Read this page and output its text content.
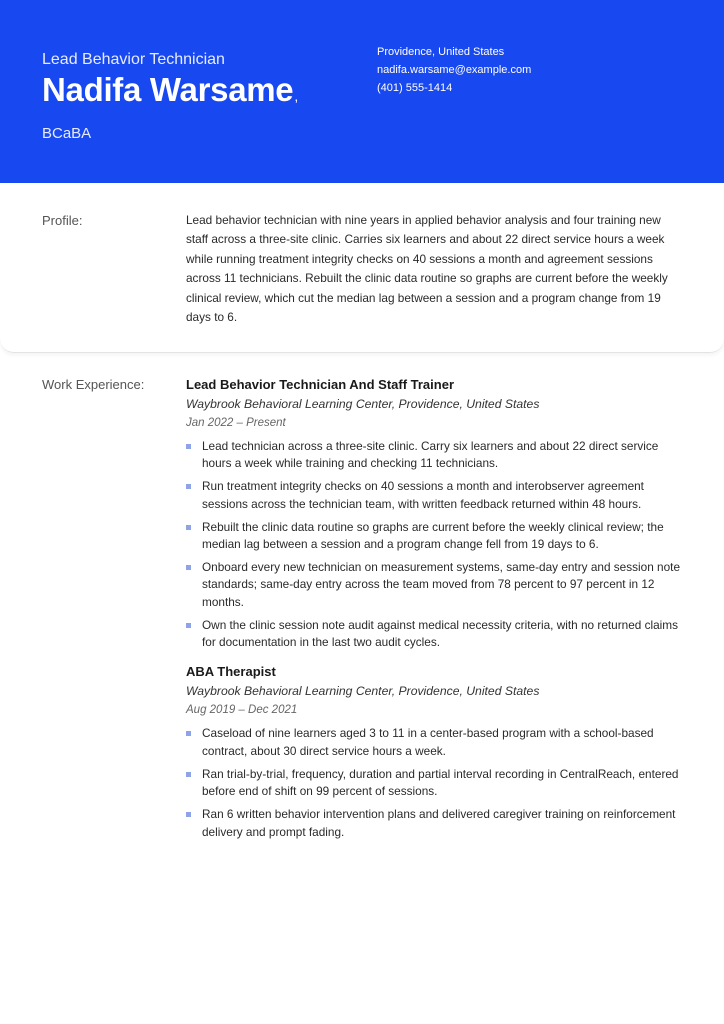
Lead Behavior Technician
Nadifa Warsame,
BCaBA
Providence, United States
nadifa.warsame@example.com
(401) 555-1414
Profile:	Lead behavior technician with nine years in applied behavior analysis and four training new staff across a three-site clinic. Carries six learners and about 22 direct service hours a week while running treatment integrity checks on 40 sessions a month and agreement sessions across 11 technicians. Rebuilt the clinic data routine so graphs are current before the weekly clinical review, which cut the median lag between a session and a program change from 19 days to 6.
Work Experience:	Lead Behavior Technician And Staff Trainer
Waybrook Behavioral Learning Center, Providence, United States
Jan 2022 – Present
Lead technician across a three-site clinic. Carry six learners and about 22 direct service hours a week while training and checking 11 technicians.
Run treatment integrity checks on 40 sessions a month and interobserver agreement sessions across the technician team, with written feedback returned within 48 hours.
Rebuilt the clinic data routine so graphs are current before the weekly clinical review; the median lag between a session and a program change fell from 19 days to 6.
Onboard every new technician on measurement systems, same-day entry and session note standards; same-day entry across the team moved from 78 percent to 97 percent in 12 months.
Own the clinic session note audit against medical necessity criteria, with no returned claims for documentation in the last two audit cycles.
ABA Therapist
Waybrook Behavioral Learning Center, Providence, United States
Aug 2019 – Dec 2021
Caseload of nine learners aged 3 to 11 in a center-based program with a school-based contract, about 30 direct service hours a week.
Ran trial-by-trial, frequency, duration and partial interval recording in CentralReach, entered before end of shift on 99 percent of sessions.
Ran 6 written behavior intervention plans and delivered caregiver training on reinforcement delivery and prompt fading.
